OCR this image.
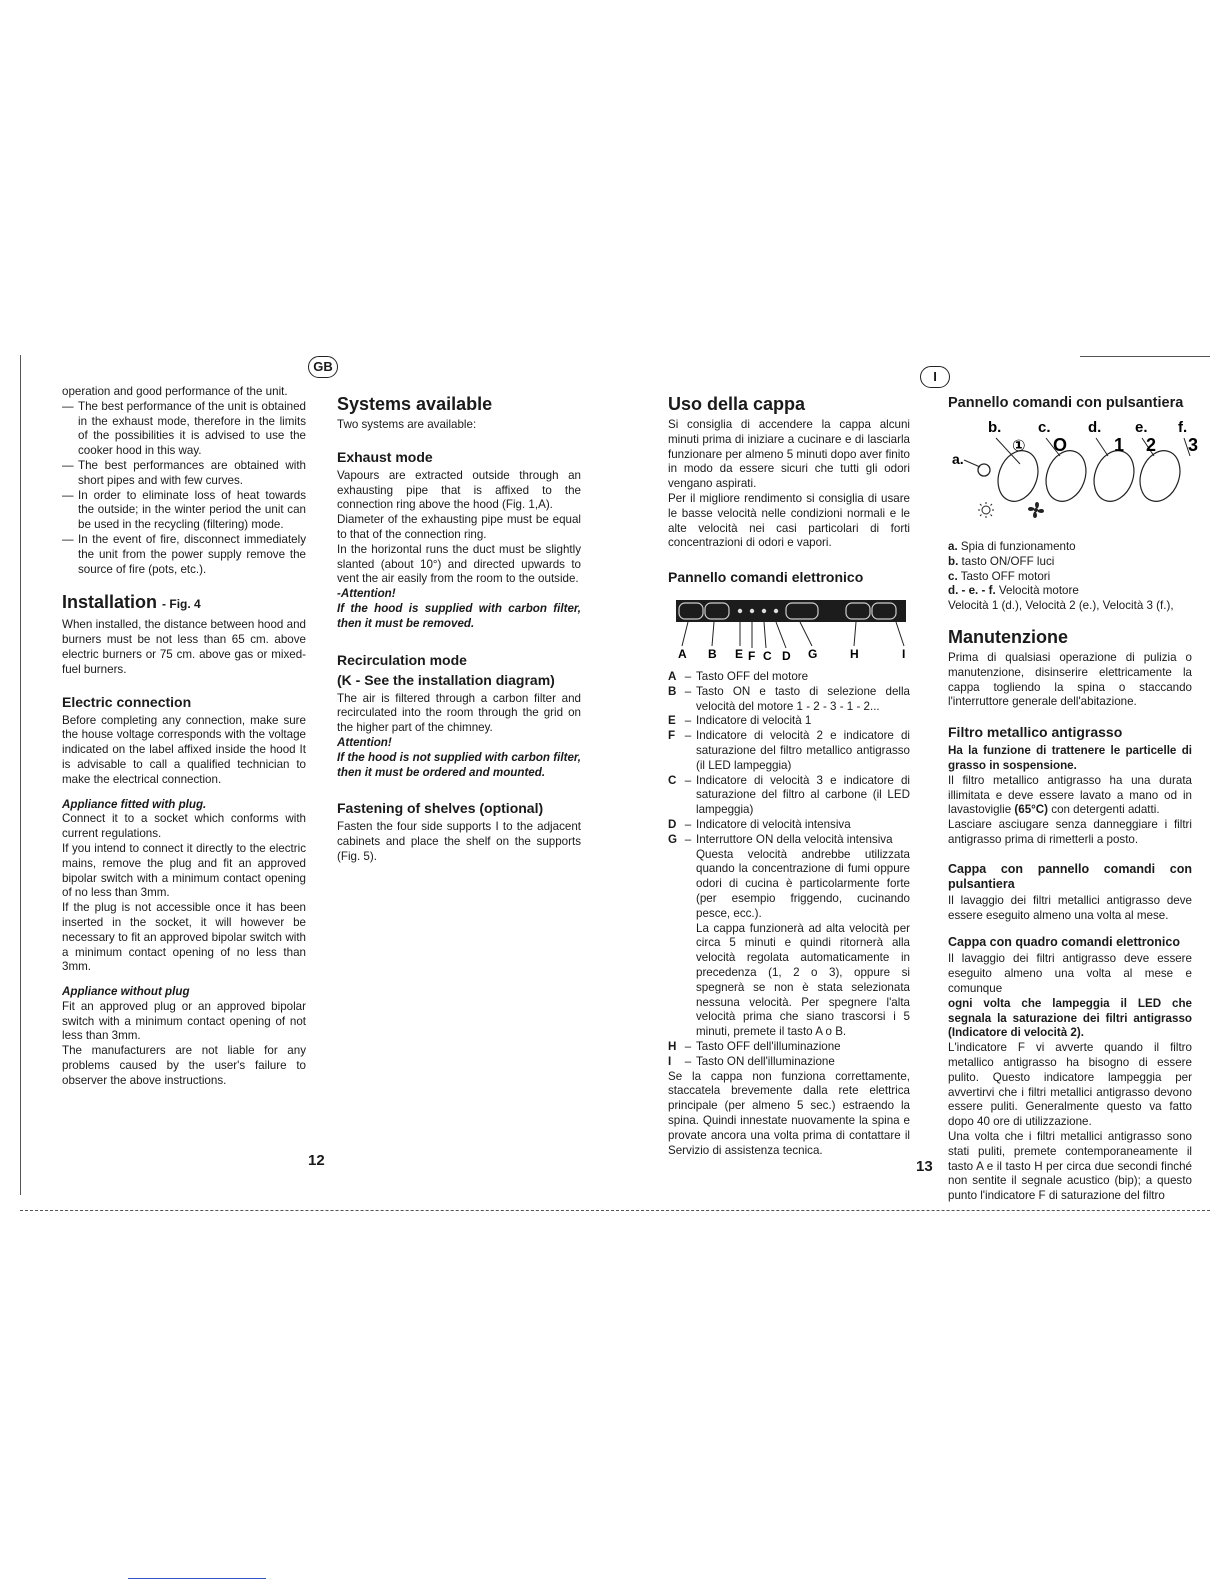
GB
I

operation and good performance of the unit.

— The best performance of the unit is obtained in the exhaust mode, therefore in the limits of the possibilities it is advised to use the cooker hood in this way.
— The best performances are obtained with short pipes and with few curves.
— In order to eliminate loss of heat towards the outside; in the winter period the unit can be used in the recycling (filtering) mode.
— In the event of fire, disconnect immediately the unit from the power supply remove the source of fire (pots, etc.).
Installation - Fig. 4

When installed, the distance between hood and burners must be not less than 65 cm. above electric burners or 75 cm. above gas or mixed-fuel burners.

Electric connection

Before completing any connection, make sure the house voltage corresponds with the voltage indicated on the label affixed inside the hood It is advisable to call a qualified technician to make the electrical connection.

Appliance fitted with plug.

Connect it to a socket which conforms with current regulations.

If you intend to connect it directly to the electric mains, remove the plug and fit an approved bipolar switch with a minimum contact opening of no less than 3mm.

If the plug is not accessible once it has been inserted in the socket, it will however be necessary to fit an approved bipolar switch with a minimum contact opening of no less than 3mm.

Appliance without plug

Fit an approved plug or an approved bipolar switch with a minimum contact opening of not less than 3mm.

The manufacturers are not liable for any problems caused by the user's failure to observer the above instructions.

Systems available

Two systems are available:

Exhaust mode

Vapours are extracted outside through an exhausting pipe that is affixed to the connection ring above the hood (Fig. 1,A).

Diameter of the exhausting pipe must be equal to that of the connection ring.

In the horizontal runs the duct must be slightly slanted (about 10°) and directed upwards to vent the air easily from the room to the outside.

-Attention!

If the hood is supplied with carbon filter, then it must be removed.

Recirculation mode
(K - See the installation diagram)

The air is filtered through a carbon filter and recirculated into the room through the grid on the higher part of the chimney.

Attention!

If the hood is not supplied with carbon filter, then it must be ordered and mounted.

Fastening of shelves (optional)

Fasten the four side supports I to the adjacent cabinets and place the shelf on the supports (Fig. 5).

12
Uso della cappa

Si consiglia di accendere la cappa alcuni minuti prima di iniziare a cucinare e di lasciarla funzionare per almeno 5 minuti dopo aver finito in modo da essere sicuri che tutti gli odori vengano aspirati.

Per il migliore rendimento si consiglia di usare le basse velocità nelle condizioni normali e le alte velocità nei casi particolari di forti concentrazioni di odori e vapori.

Pannello comandi elettronico
A B E F C D G	H	I
A – Tasto OFF del motore
B – Tasto ON e tasto di selezione della velocità del motore 1 - 2 - 3 - 1 - 2...
E – Indicatore di velocità 1
F – Indicatore di velocità 2 e indicatore di saturazione del filtro metallico antigrasso (il LED lampeggia)
C – Indicatore di velocità 3 e indicatore di saturazione del filtro al carbone (il LED lampeggia)
D – Indicatore di velocità intensiva
G – Interruttore ON della velocità intensiva

Questa velocità andrebbe utilizzata quando la concentrazione di fumi oppure odori di cucina è particolarmente forte (per esempio friggendo, cucinando pesce, ecc.).

La cappa funzionerà ad alta velocità per circa 5 minuti e quindi ritornerà alla velocità regolata automaticamente in precedenza (1, 2 o 3), oppure si spegnerà se non è stata selezionata nessuna velocità. Per spegnere l'alta velocità prima che siano trascorsi i 5 minuti, premete il tasto A o B.

H – Tasto OFF dell'illuminazione
I	– Tasto ON dell'illuminazione

Se la cappa non funziona correttamente, staccatela brevemente dalla rete elettrica principale (per almeno 5 sec.) estraendo la spina. Quindi innestate nuovamente la spina e provate ancora una volta prima di contattare il Servizio di assistenza tecnica.

13
Pannello comandi con pulsantiera
b. c. d. e. f.
a.
① O	1 2 3

a. Spia di funzionamento

b. tasto ON/OFF luci

c. Tasto OFF motori

d. - e. - f. Velocità motore

Velocità 1 (d.), Velocità 2 (e.), Velocità 3 (f.),

Manutenzione

Prima di qualsiasi operazione di pulizia o manutenzione, disinserire elettricamente la cappa togliendo la spina o staccando l'interruttore generale dell'abitazione.

Filtro metallico antigrasso

Ha la funzione di trattenere le particelle di grasso in sospensione.

Il filtro metallico antigrasso ha una durata illimitata e deve essere lavato a mano od in lavastoviglie (65°C) con detergenti adatti.

Lasciare asciugare senza danneggiare i filtri antigrasso prima di rimetterli a posto.

Cappa con pannello comandi con pulsantiera

Il lavaggio dei filtri metallici antigrasso deve essere eseguito almeno una volta al mese.

Cappa con quadro comandi elettronico

Il lavaggio dei filtri antigrasso deve essere eseguito almeno una volta al mese e comunque

ogni volta che lampeggia il LED che segnala la saturazione dei filtri antigrasso (Indicatore di velocità 2).

L'indicatore F vi avverte quando il filtro metallico antigrasso ha bisogno di essere pulito. Questo indicatore lampeggia per avvertirvi che i filtri metallici antigrasso devono essere puliti. Generalmente questo va fatto dopo 40 ore di utilizzazione.

Una volta che i filtri metallici antigrasso sono stati puliti, premete contemporaneamente il tasto A e il tasto H per circa due secondi finché non sentite il segnale acustico (bip); a questo punto l'indicatore F di saturazione del filtro
